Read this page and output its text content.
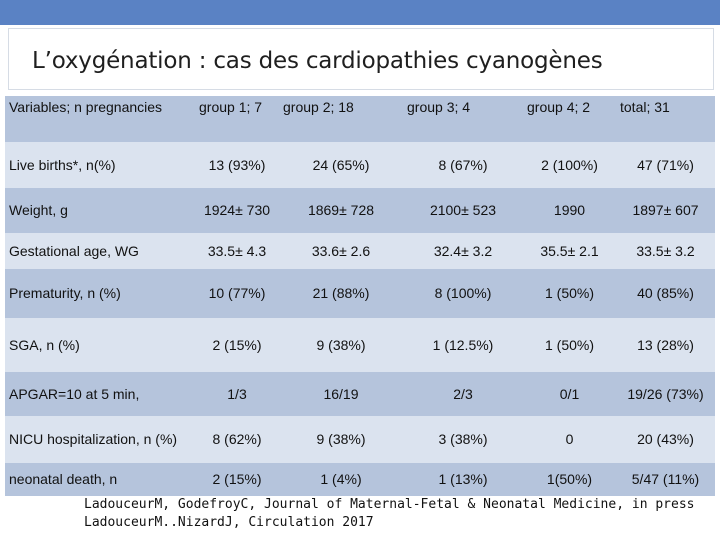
L’oxygénation : cas des cardiopathies cyanogènes
Variables; n pregnancies	group 1; 7	group 2; 18	group 3; 4	group 4; 2	total; 31
Live births*, n(%)	13 (93%)	24 (65%)	8 (67%)	2 (100%)	47 (71%)
Weight, g	1924± 730	1869± 728	2100± 523	1990	1897± 607
Gestational age, WG	33.5± 4.3	33.6± 2.6	32.4± 3.2	35.5± 2.1	33.5± 3.2
Prematurity, n (%)	10 (77%)	21 (88%)	8 (100%)	1 (50%)	40 (85%)
SGA, n (%)	2 (15%)	9 (38%)	1 (12.5%)	1 (50%)	13 (28%)
APGAR=10 at 5 min,	1/3	16/19	2/3	0/1	19/26 (73%)
NICU hospitalization, n (%)	8 (62%)	9 (38%)	3 (38%)	0	20 (43%)
neonatal death, n	2 (15%)	1 (4%)	1 (13%)	1(50%)	5/47 (11%)
LadouceurM, GodefroyC, Journal of Maternal-Fetal & Neonatal Medicine, in press
LadouceurM..NizardJ, Circulation 2017
